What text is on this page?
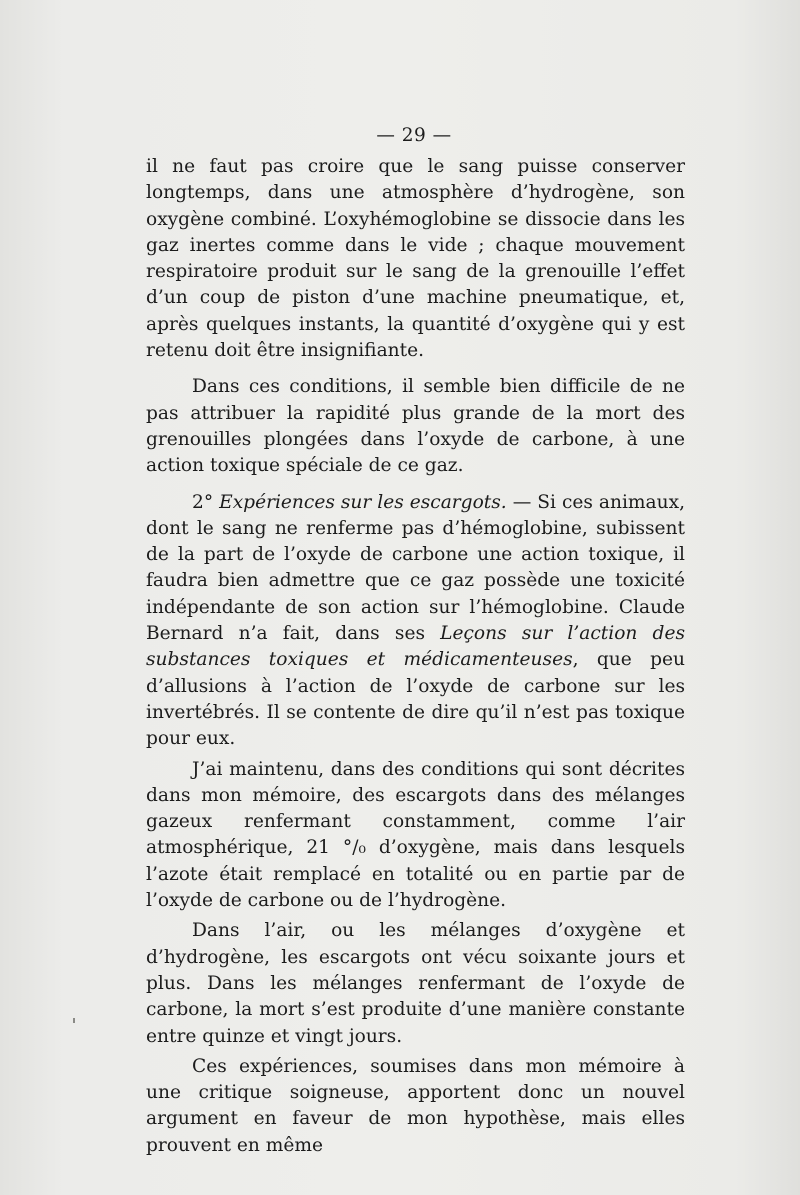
— 29 —

il ne faut pas croire que le sang puisse conserver longtemps, dans une atmosphère d’hydrogène, son oxygène combiné. L’oxyhémoglobine se dissocie dans les gaz inertes comme dans le vide ; chaque mouvement respiratoire produit sur le sang de la grenouille l’effet d’un coup de piston d’une machine pneumatique, et, après quelques instants, la quantité d’oxygène qui y est retenu doit être insignifiante.

Dans ces conditions, il semble bien difficile de ne pas attribuer la rapidité plus grande de la mort des grenouilles plongées dans l’oxyde de carbone, à une action toxique spéciale de ce gaz.

2° Expériences sur les escargots. — Si ces animaux, dont le sang ne renferme pas d’hémoglobine, subissent de la part de l’oxyde de carbone une action toxique, il faudra bien admettre que ce gaz possède une toxicité indépendante de son action sur l’hémoglobine. Claude Bernard n’a fait, dans ses Leçons sur l’action des substances toxiques et médicamenteuses, que peu d’allusions à l’action de l’oxyde de carbone sur les invertébrés. Il se contente de dire qu’il n’est pas toxique pour eux.

J’ai maintenu, dans des conditions qui sont décrites dans mon mémoire, des escargots dans des mélanges gazeux renfermant constamment, comme l’air atmosphérique, 21 °/₀ d’oxygène, mais dans lesquels l’azote était remplacé en totalité ou en partie par de l’oxyde de carbone ou de l’hydrogène.

Dans l’air, ou les mélanges d’oxygène et d’hydrogène, les escargots ont vécu soixante jours et plus. Dans les mélanges renfermant de l’oxyde de carbone, la mort s’est produite d’une manière constante entre quinze et vingt jours.

Ces expériences, soumises dans mon mémoire à une critique soigneuse, apportent donc un nouvel argument en faveur de mon hypothèse, mais elles prouvent en même
